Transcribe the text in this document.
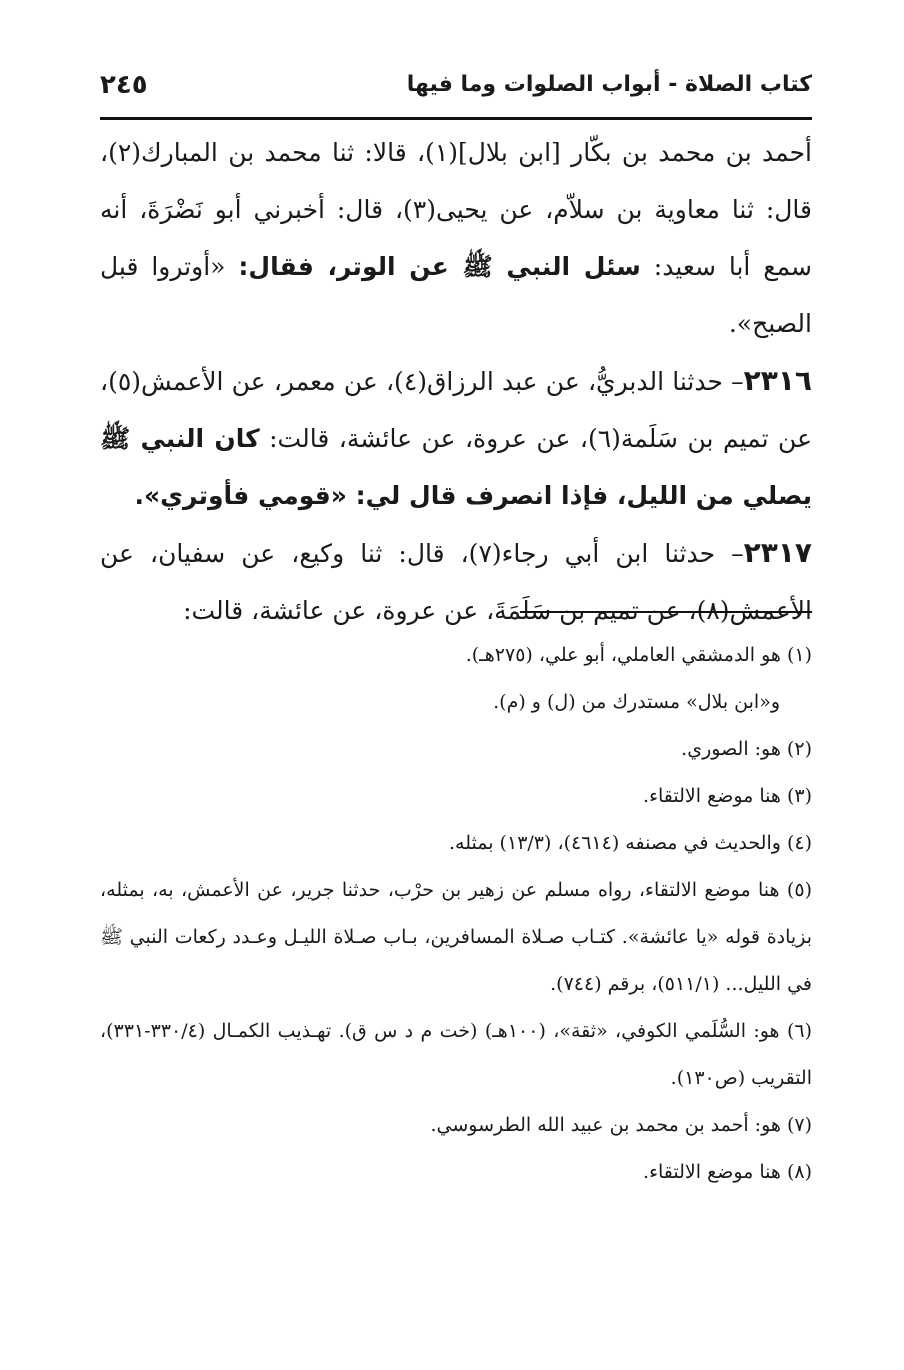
كتاب الصلاة - أبواب الصلوات وما فيها
٢٤٥

أحمد بن محمد بن بكّار [ابن بلال](١)، قالا: ثنا محمد بن المبارك(٢)، قال: ثنا معاوية بن سلاّم، عن يحيى(٣)، قال: أخبرني أبو نَضْرَةَ، أنه سمع أبا سعيد: سئل النبي ﷺ عن الوتر، فقال: «أوتروا قبل الصبح».

٢٣١٦– حدثنا الدبريُّ، عن عبد الرزاق(٤)، عن معمر، عن الأعمش(٥)، عن تميم بن سَلَمة(٦)، عن عروة، عن عائشة، قالت: كان النبي ﷺ يصلي من الليل، فإذا انصرف قال لي: «قومي فأوتري».

٢٣١٧– حدثنا ابن أبي رجاء(٧)، قال: ثنا وكيع، عن سفيان، عن الأعمش(٨)، عن تميم بن سَلَمَةَ، عن عروة، عن عائشة، قالت:

(١) هو الدمشقي العاملي، أبو علي، (٢٧٥هـ).

و«ابن بلال» مستدرك من (ل) و (م).

(٢) هو: الصوري.

(٣) هنا موضع الالتقاء.

(٤) والحديث في مصنفه (٤٦١٤)، (١٣/٣) بمثله.

(٥) هنا موضع الالتقاء، رواه مسلم عن زهير بن حرْب، حدثنا جرير، عن الأعمش، به، بمثله، بزيادة قوله «يا عائشة». كتـاب صـلاة المسافرين، بـاب صـلاة الليـل وعـدد ركعات النبي ﷺ في الليل... (٥١١/١)، برقم (٧٤٤).

(٦) هو: السُّلَمي الكوفي، «ثقة»، (١٠٠هـ) (خت م د س ق). تهـذيب الكمـال (٣٣٠/٤-٣٣١)، التقريب (ص١٣٠).

(٧) هو: أحمد بن محمد بن عبيد الله الطرسوسي.

(٨) هنا موضع الالتقاء.
